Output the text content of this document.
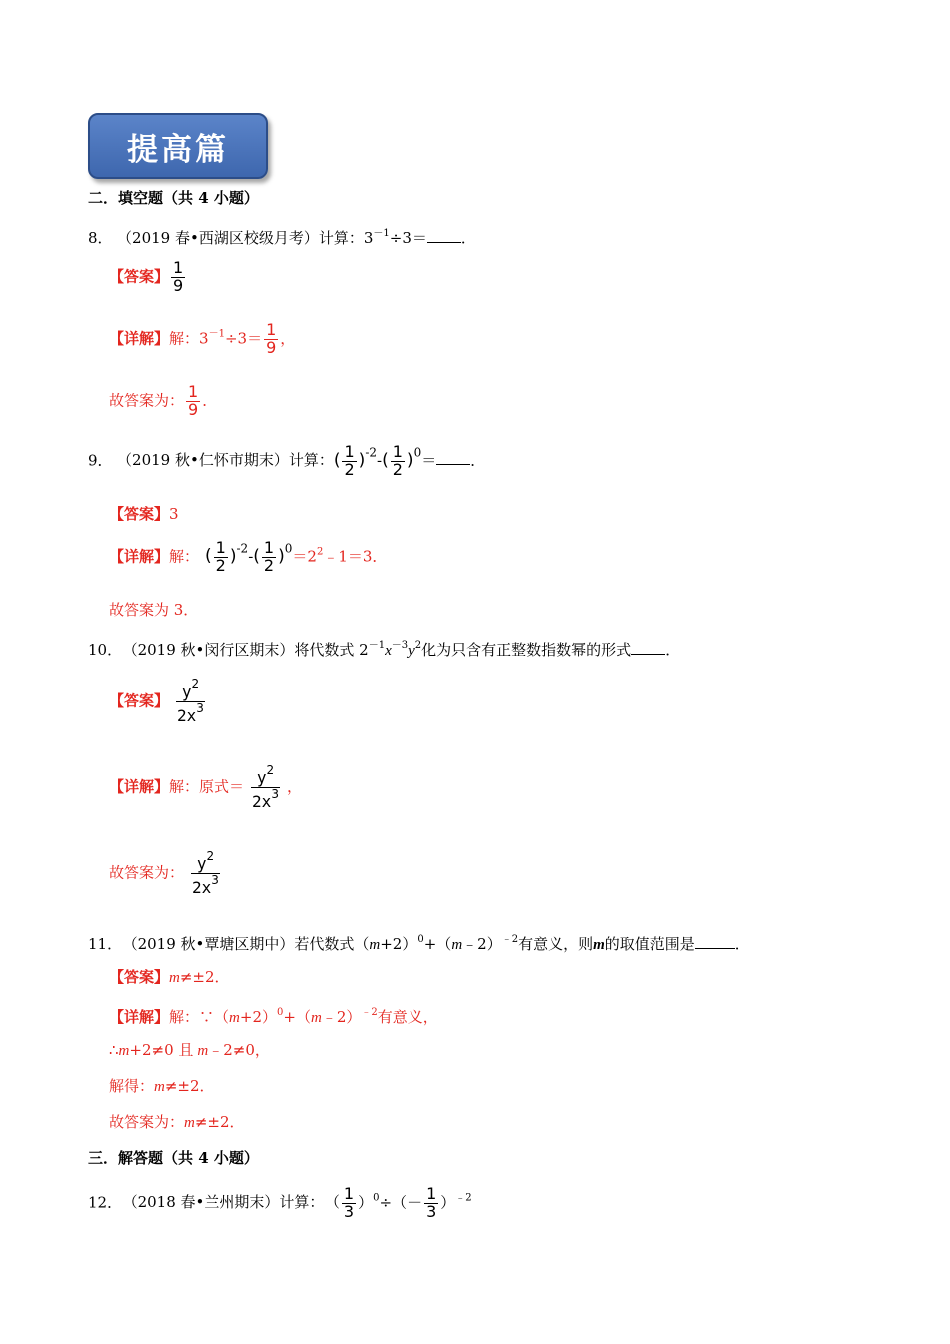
提高篇
二．填空题（共 4 小题）
8． （2019 春•西湖区校级月考）计算：$3^{-1}\div 3=$ ．
【答案】 $\frac{1}{9}$
【详解】解：$3^{-1}\div 3= \frac{1}{9}$ ，
故答案为： $\frac{1}{9}$ ．
9． （2019 秋•仁怀市期末）计算：( $\frac{1}{2} )^{-2}-( \frac{1}{2} )^0=$ ．
【答案】3
【详解】解： ( $\frac{1}{2} )^{-2}-( \frac{1}{2}$ )$^0=2^2﹣1=3$．
故答案为 3．
10． （2019 秋•闵行区期末）将代数式 $2^{-1}x^{-3}y^2$化为只含有正整数指数幂的形式 ．
【答案】 $\frac{y^2}{2x^3}$
【详解】解：原式＝ $\frac{y^2}{2x^3}$ ，
故答案为： $\frac{y^2}{2x^3}$
11． （2019 秋•覃塘区期中）若代数式$(m+2)^0+(m﹣2)^{﹣2}$有意义，则m的取值范围是	．
【答案】m≠±2．
【详解】解：$\because(m+2)^0+(m﹣2)^{﹣2}$有意义，
∴m+2≠0 且 m﹣2≠0，
解得：m≠±2．
故答案为：m≠±2．
三．解答题（共 4 小题）
12． （2018 春•兰州期末）计算： （ $\frac{1}{3} )^0\div(- \frac{1}{3} )^{﹣2}$
